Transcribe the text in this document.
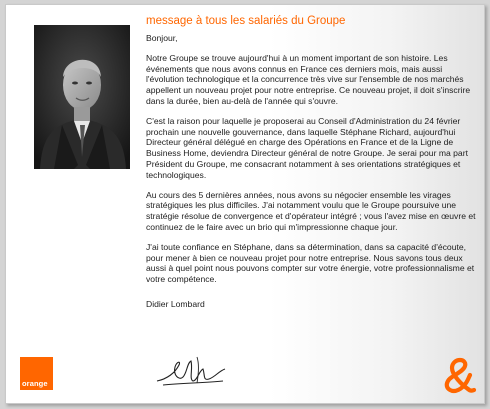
message à tous les salariés du Groupe

Bonjour,

Notre Groupe se trouve aujourd'hui à un moment important de son histoire. Les événements que nous avons connus en France ces derniers mois, mais aussi l'évolution technologique et la concurrence très vive sur l'ensemble de nos marchés appellent un nouveau projet pour notre entreprise. Ce nouveau projet, il doit s'inscrire dans la durée, bien au-delà de l'année qui s'ouvre.

C'est la raison pour laquelle je proposerai au Conseil d'Administration du 24 février prochain une nouvelle gouvernance, dans laquelle Stéphane Richard, aujourd'hui Directeur général délégué en charge des Opérations en France et de la Ligne de Business Home, deviendra Directeur général de notre Groupe. Je serai pour ma part Président du Groupe, me consacrant notamment à ses orientations stratégiques et technologiques.

Au cours des 5 dernières années, nous avons su négocier ensemble les virages stratégiques les plus difficiles. J'ai notamment voulu que le Groupe poursuive une stratégie résolue de convergence et d'opérateur intégré ; vous l'avez mise en œuvre et continuez de le faire avec un brio qui m'impressionne chaque jour.

J'ai toute confiance en Stéphane, dans sa détermination, dans sa capacité d'écoute, pour mener à bien ce nouveau projet pour notre entreprise. Nous savons tous deux aussi à quel point nous pouvons compter sur votre énergie, votre professionnalisme et votre compétence.

Didier Lombard

orange
